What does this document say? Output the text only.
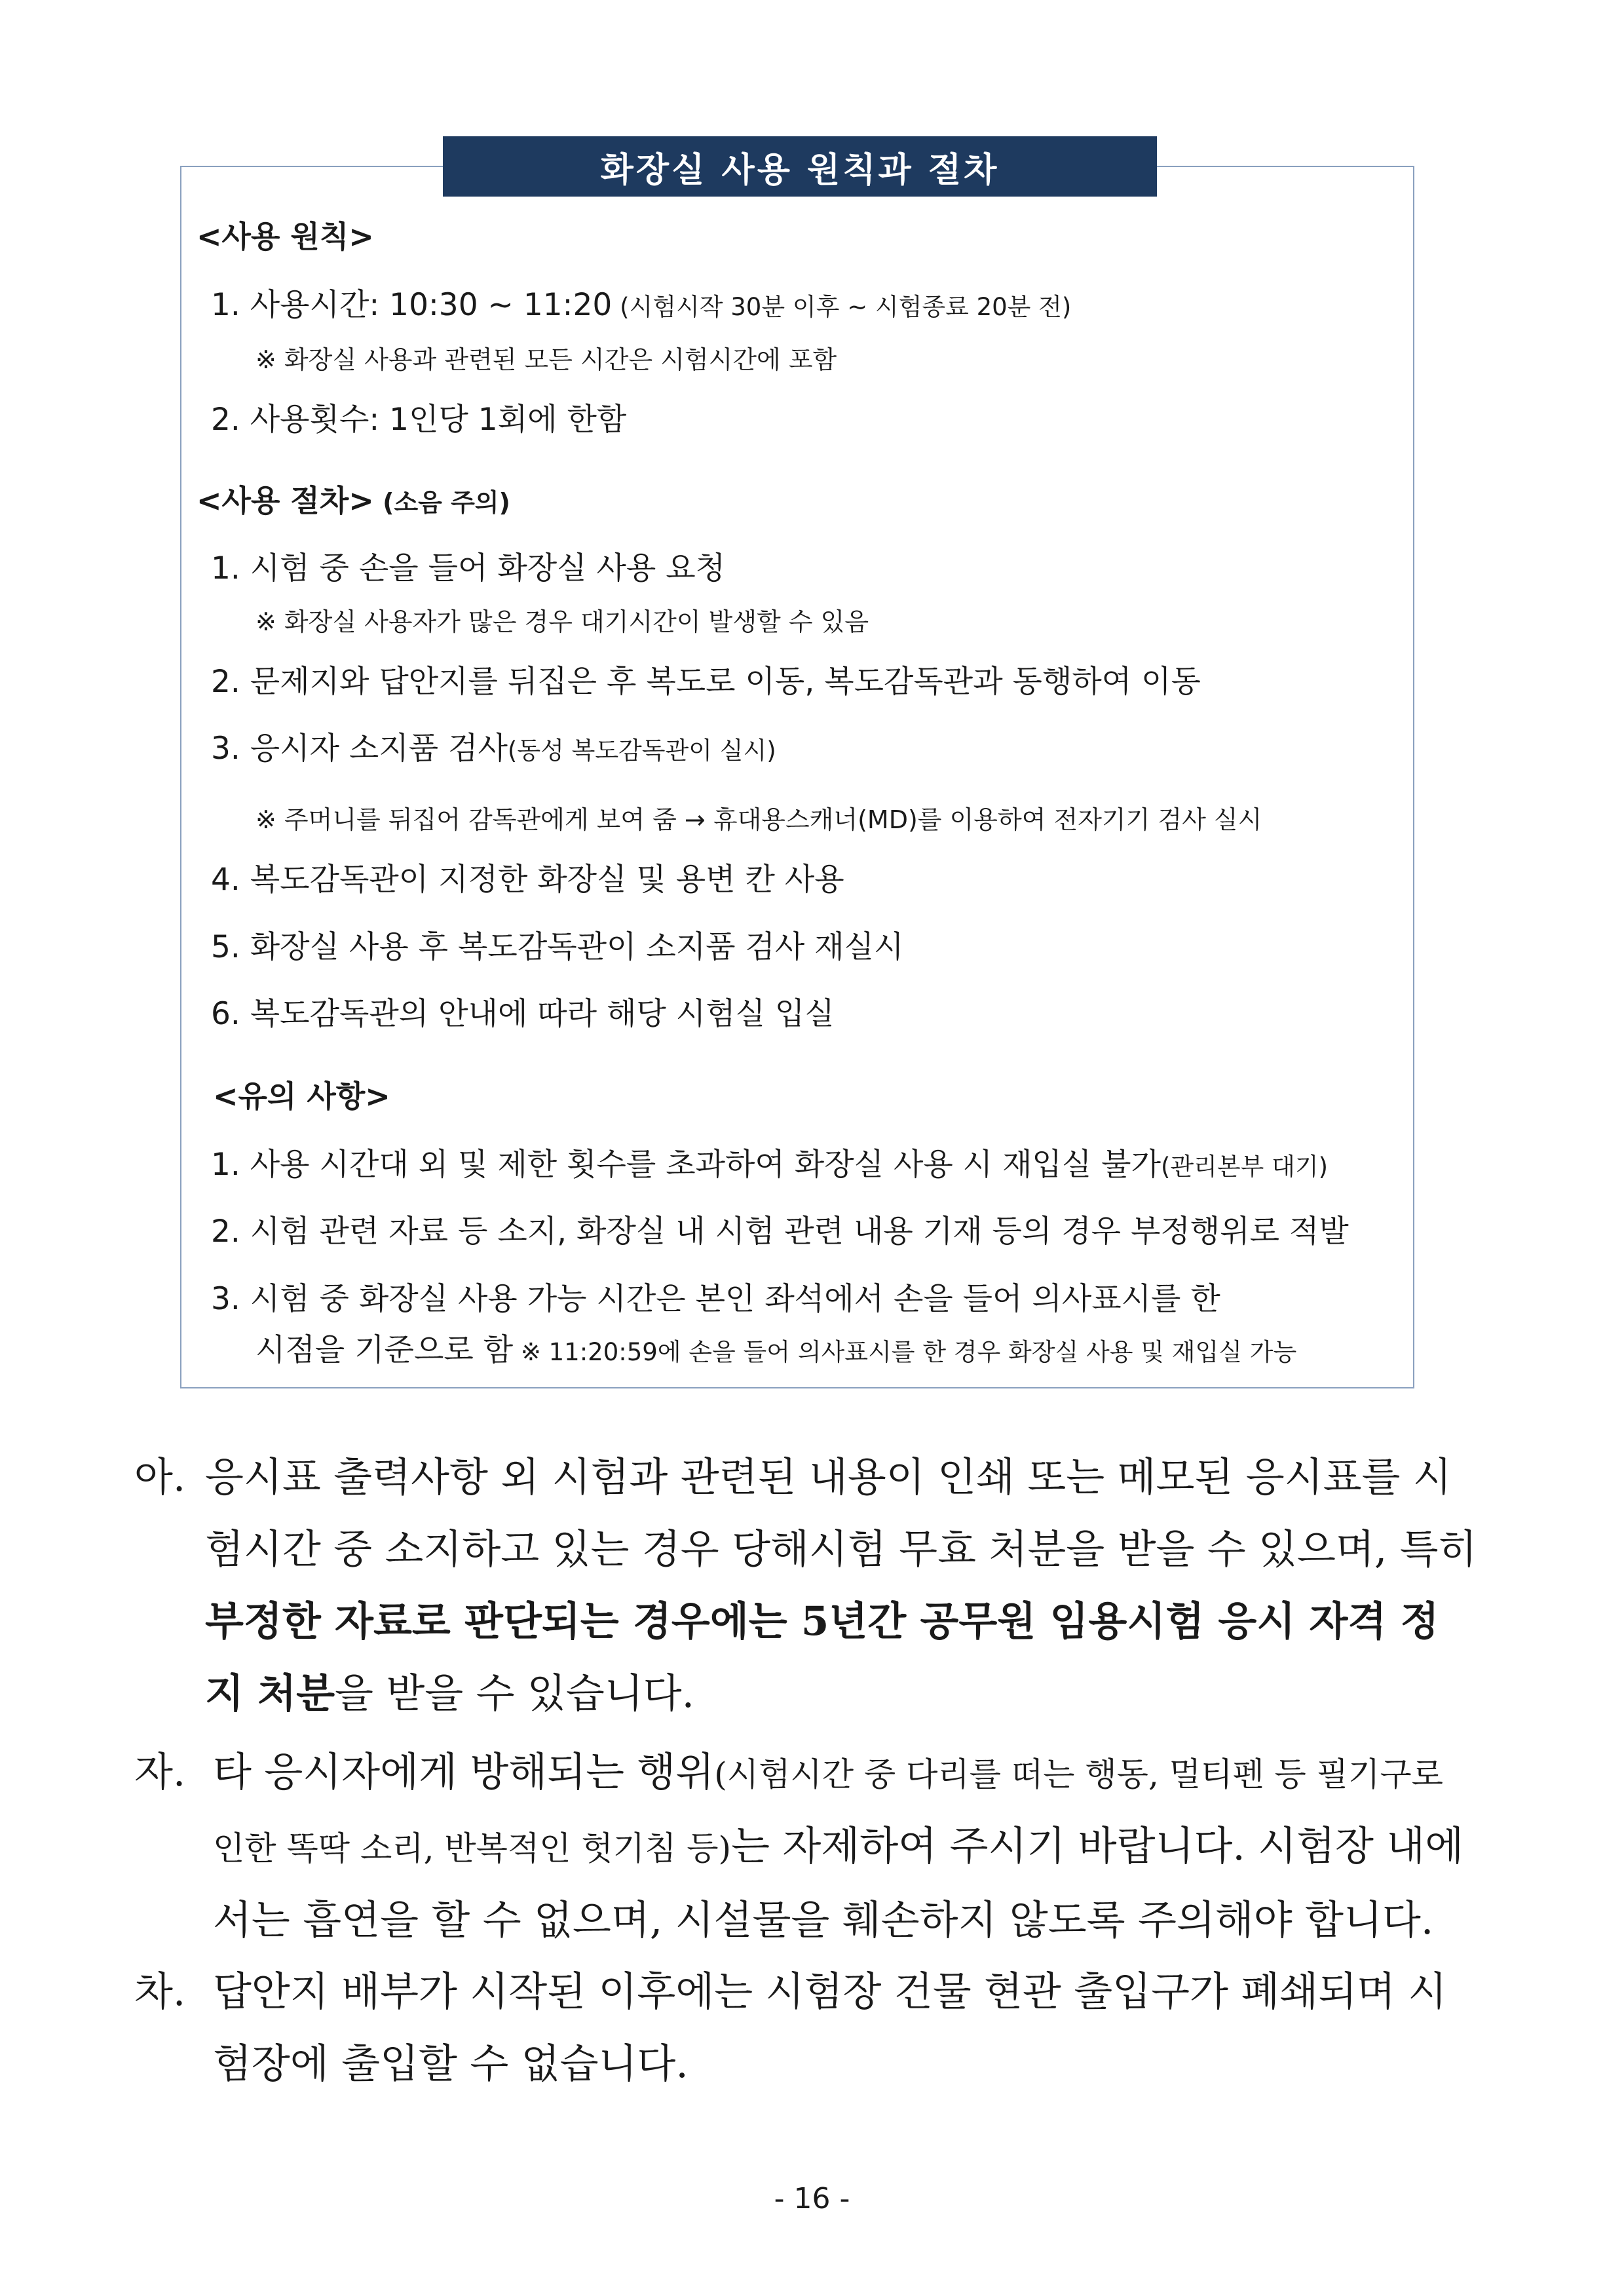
화장실 사용 원칙과 절차
<사용 원칙>
1. 사용시간: 10:30 ~ 11:20 (시험시작 30분 이후 ~ 시험종료 20분 전)
※ 화장실 사용과 관련된 모든 시간은 시험시간에 포함
2. 사용횟수: 1인당 1회에 한함
<사용 절차> (소음 주의)
1. 시험 중 손을 들어 화장실 사용 요청
※ 화장실 사용자가 많은 경우 대기시간이 발생할 수 있음
2. 문제지와 답안지를 뒤집은 후 복도로 이동, 복도감독관과 동행하여 이동
3. 응시자 소지품 검사(동성 복도감독관이 실시)
※ 주머니를 뒤집어 감독관에게 보여 줌 → 휴대용스캐너(MD)를 이용하여 전자기기 검사 실시
4. 복도감독관이 지정한 화장실 및 용변 칸 사용
5. 화장실 사용 후 복도감독관이 소지품 검사 재실시
6. 복도감독관의 안내에 따라 해당 시험실 입실
<유의 사항>
1. 사용 시간대 외 및 제한 횟수를 초과하여 화장실 사용 시 재입실 불가(관리본부 대기)
2. 시험 관련 자료 등 소지, 화장실 내 시험 관련 내용 기재 등의 경우 부정행위로 적발
3. 시험 중 화장실 사용 가능 시간은 본인 좌석에서 손을 들어 의사표시를 한
시점을 기준으로 함 ※ 11:20:59에 손을 들어 의사표시를 한 경우 화장실 사용 및 재입실 가능
아. 응시표 출력사항 외 시험과 관련된 내용이 인쇄 또는 메모된 응시표를 시험시간 중 소지하고 있는 경우 당해시험 무효 처분을 받을 수 있으며, 특히 부정한 자료로 판단되는 경우에는 5년간 공무원 임용시험 응시 자격 정지 처분을 받을 수 있습니다.
자. 타 응시자에게 방해되는 행위(시험시간 중 다리를 떠는 행동, 멀티펜 등 필기구로 인한 똑딱 소리, 반복적인 헛기침 등)는 자제하여 주시기 바랍니다. 시험장 내에서는 흡연을 할 수 없으며, 시설물을 훼손하지 않도록 주의해야 합니다.
차. 답안지 배부가 시작된 이후에는 시험장 건물 현관 출입구가 폐쇄되며 시험장에 출입할 수 없습니다.
- 16 -
